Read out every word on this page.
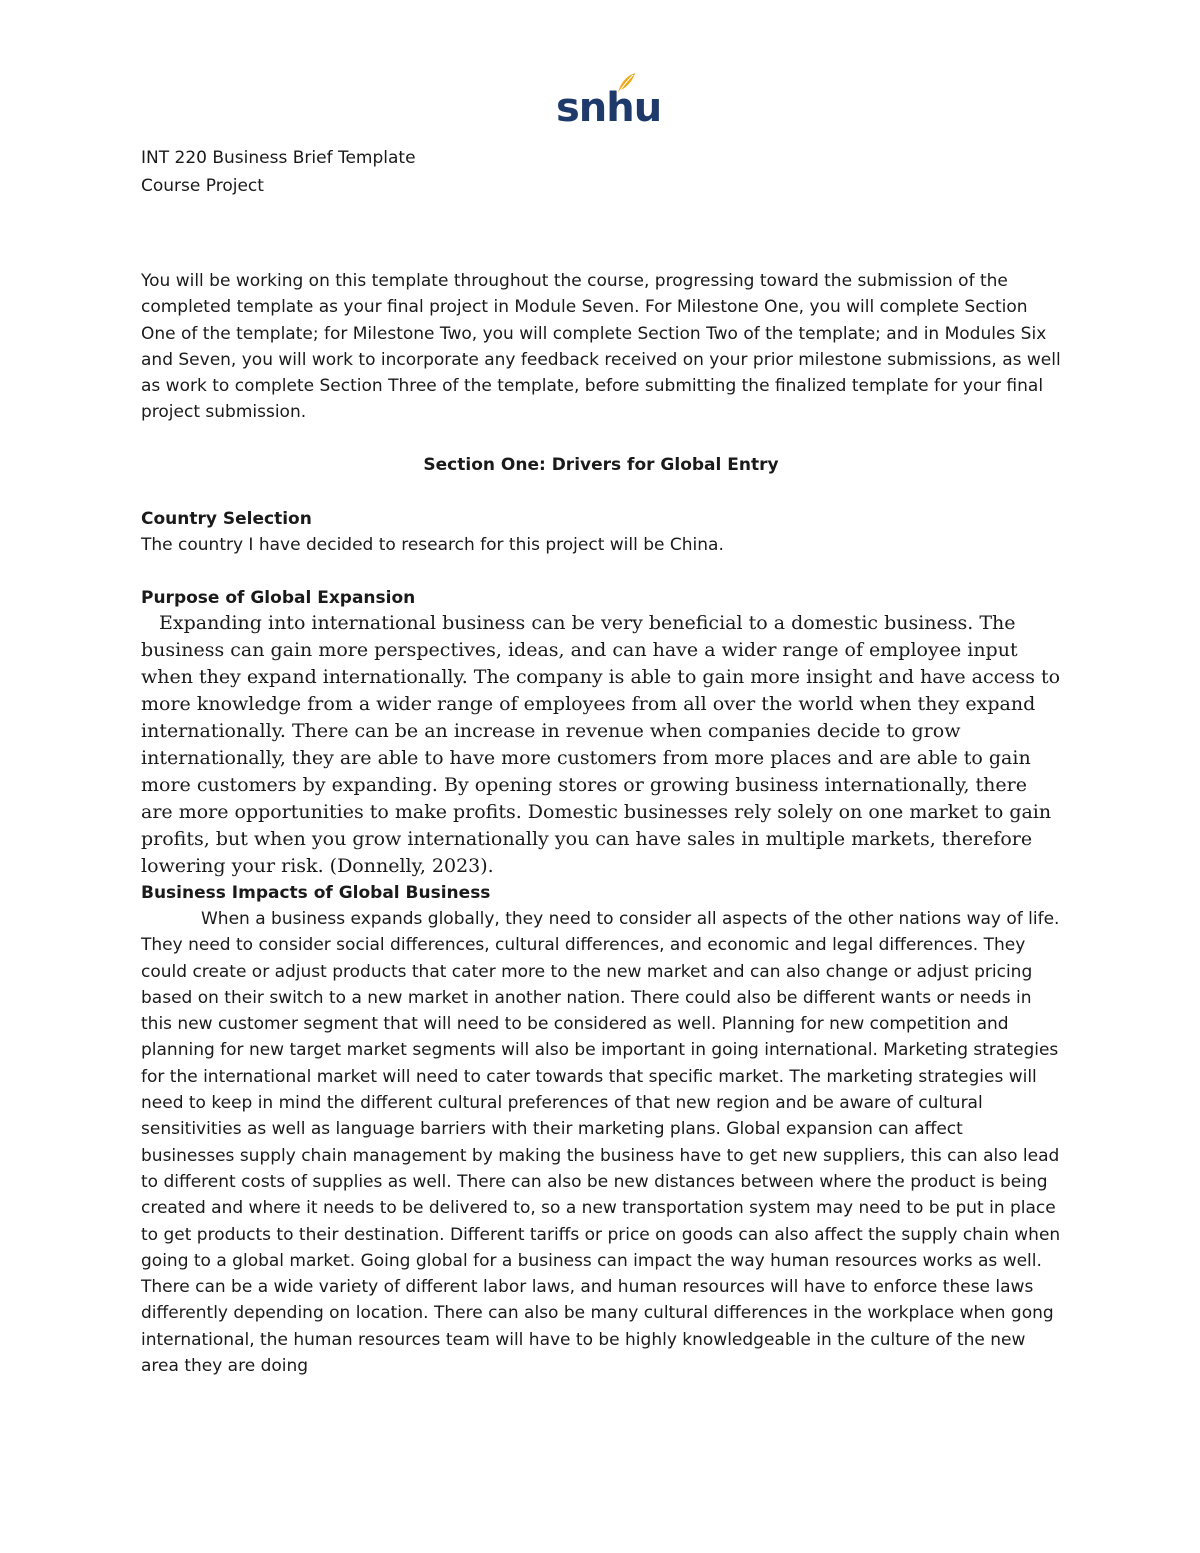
snhu

INT 220 Business Brief Template

Course Project

You will be working on this template throughout the course, progressing toward the submission of the completed template as your final project in Module Seven. For Milestone One, you will complete Section One of the template; for Milestone Two, you will complete Section Two of the template; and in Modules Six and Seven, you will work to incorporate any feedback received on your prior milestone submissions, as well as work to complete Section Three of the template, before submitting the finalized template for your final project submission.

Section One: Drivers for Global Entry
Country Selection
The country I have decided to research for this project will be China.
Purpose of Global Expansion
Expanding into international business can be very beneficial to a domestic business. The business can gain more perspectives, ideas, and can have a wider range of employee input when they expand internationally. The company is able to gain more insight and have access to more knowledge from a wider range of employees from all over the world when they expand internationally. There can be an increase in revenue when companies decide to grow internationally, they are able to have more customers from more places and are able to gain more customers by expanding. By opening stores or growing business internationally, there are more opportunities to make profits. Domestic businesses rely solely on one market to gain profits, but when you grow internationally you can have sales in multiple markets, therefore lowering your risk. (Donnelly, 2023).
Business Impacts of Global Business
When a business expands globally, they need to consider all aspects of the other nations way of life. They need to consider social differences, cultural differences, and economic and legal differences. They could create or adjust products that cater more to the new market and can also change or adjust pricing based on their switch to a new market in another nation. There could also be different wants or needs in this new customer segment that will need to be considered as well. Planning for new competition and planning for new target market segments will also be important in going international. Marketing strategies for the international market will need to cater towards that specific market. The marketing strategies will need to keep in mind the different cultural preferences of that new region and be aware of cultural sensitivities as well as language barriers with their marketing plans. Global expansion can affect businesses supply chain management by making the business have to get new suppliers, this can also lead to different costs of supplies as well. There can also be new distances between where the product is being created and where it needs to be delivered to, so a new transportation system may need to be put in place to get products to their destination. Different tariffs or price on goods can also affect the supply chain when going to a global market. Going global for a business can impact the way human resources works as well. There can be a wide variety of different labor laws, and human resources will have to enforce these laws differently depending on location. There can also be many cultural differences in the workplace when gong international, the human resources team will have to be highly knowledgeable in the culture of the new area they are doing
